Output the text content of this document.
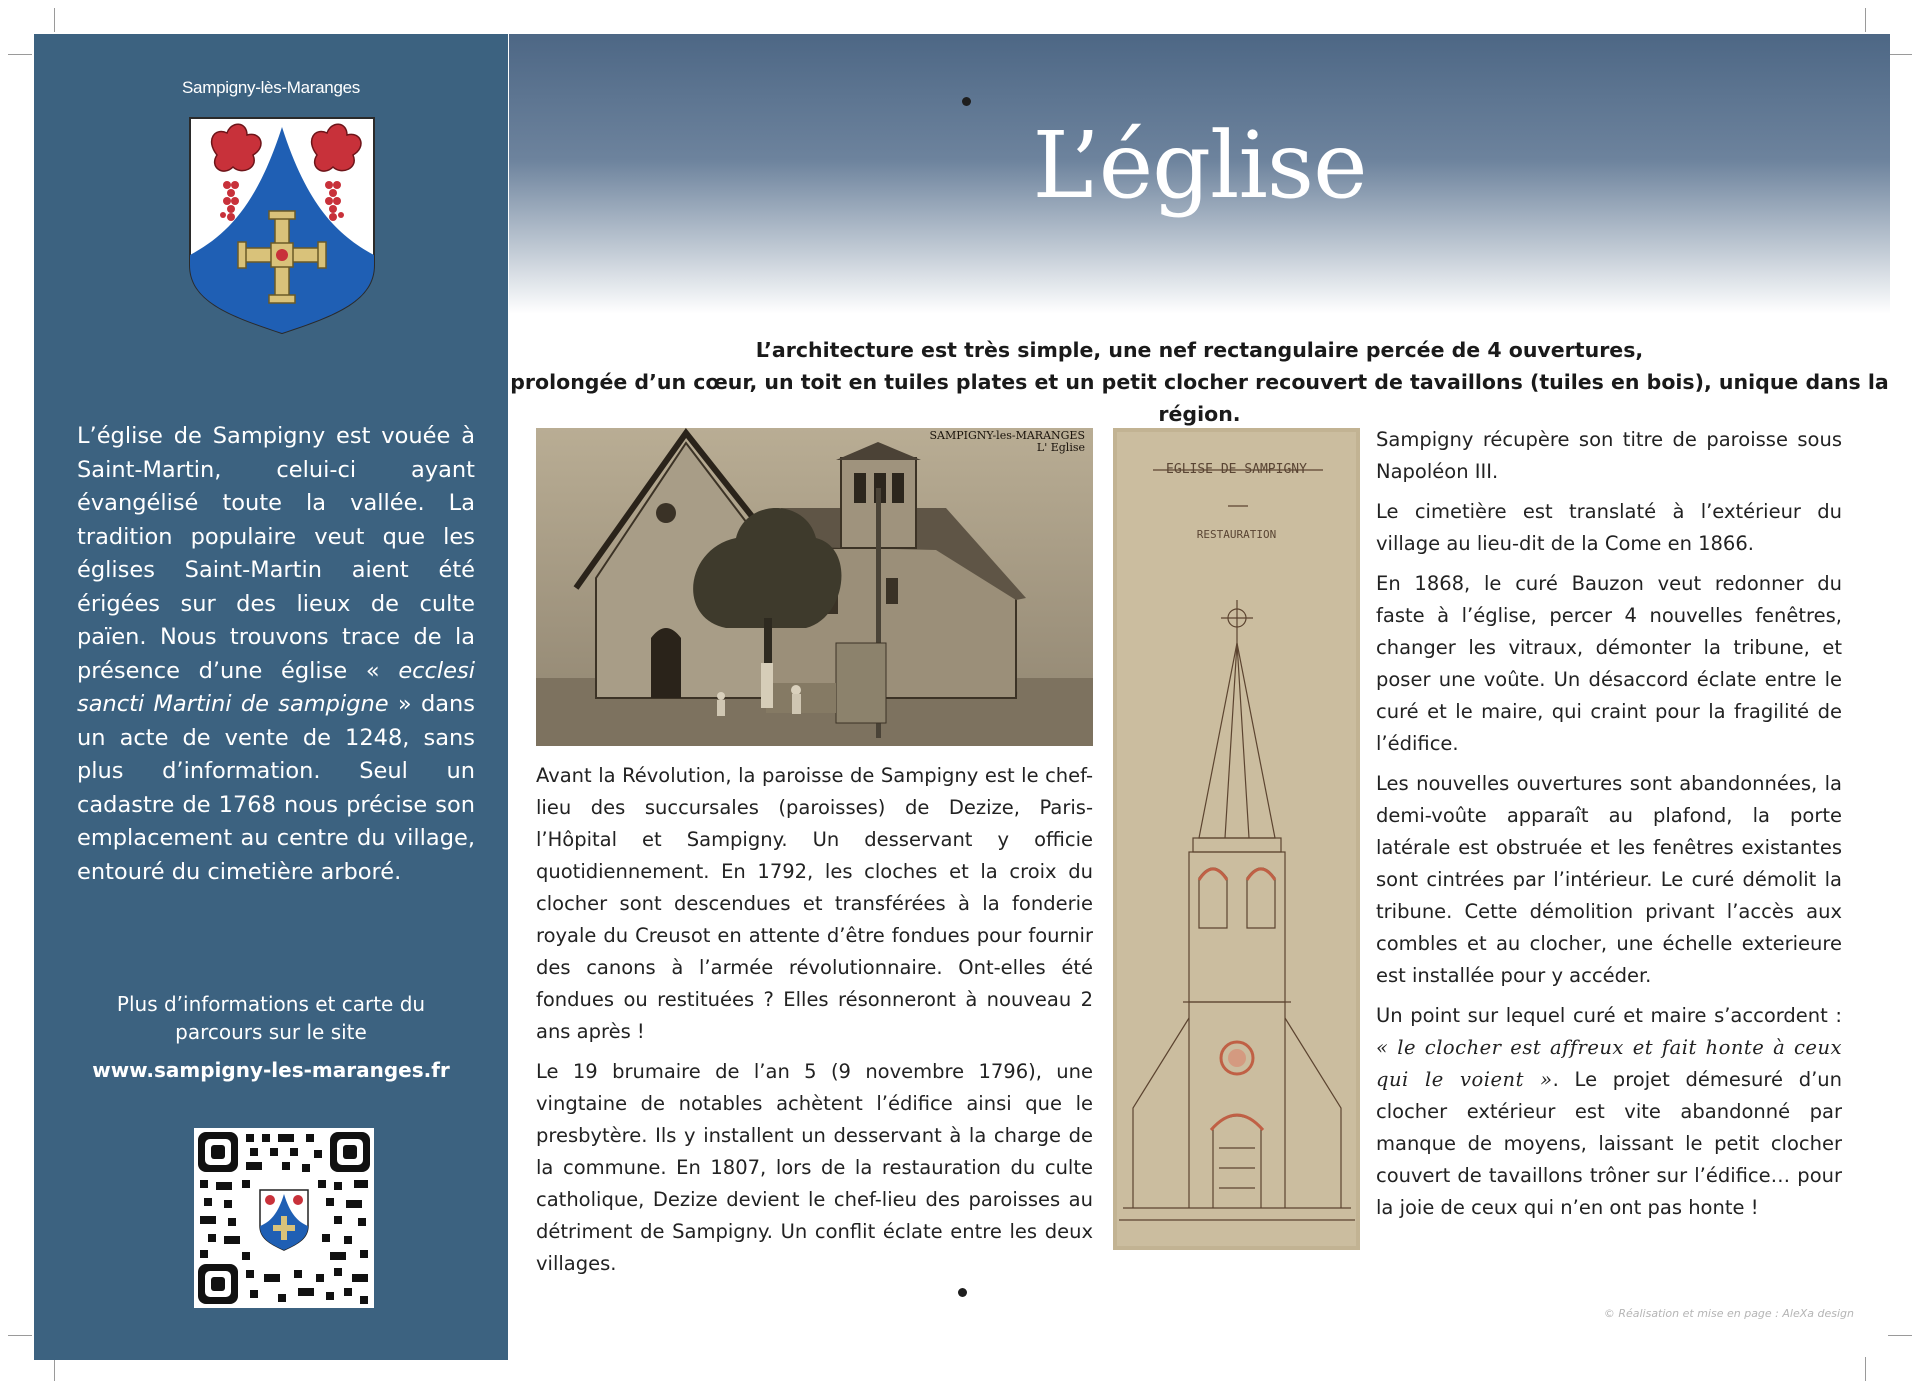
Sampigny-lès-Maranges

L’église de Sampigny est vouée à Saint-Martin, celui-ci ayant évangélisé toute la vallée. La tradition populaire veut que les églises Saint-Martin aient été érigées sur des lieux de culte païen. Nous trouvons trace de la présence d’une église « ecclesi sancti Martini de sampigne » dans un acte de vente de 1248, sans plus d’information. Seul un cadastre de 1768 nous précise son emplacement au centre du village, entouré du cimetière arboré.

Plus d’informations et carte du
parcours sur le site
www.sampigny-les-maranges.fr
L’église
L’architecture est très simple, une nef rectangulaire percée de 4 ouvertures,
prolongée d’un cœur, un toit en tuiles plates et un petit clocher recouvert de tavaillons (tuiles en bois), unique dans la région.
SAMPIGNY-les-MARANGES
L' Eglise
EGLISE DE SAMPIGNY
RESTAURATION

Avant la Révolution, la paroisse de Sampigny est le chef-lieu des succursales (paroisses) de Dezize, Paris-l’Hôpital et Sampigny. Un desservant y officie quotidiennement. En 1792, les cloches et la croix du clocher sont descendues et transférées à la fonderie royale du Creusot en attente d’être fondues pour fournir des canons à l’armée révolutionnaire. Ont-elles été fondues ou restituées ? Elles résonneront à nouveau 2 ans après !

Le 19 brumaire de l’an 5 (9 novembre 1796), une vingtaine de notables achètent l’édifice ainsi que le presbytère. Ils y installent un desservant à la charge de la commune. En 1807, lors de la restauration du culte catholique, Dezize devient le chef-lieu des paroisses au détriment de Sampigny. Un conflit éclate entre les deux villages.

Sampigny récupère son titre de paroisse sous Napoléon III.

Le cimetière est translaté à l’extérieur du village au lieu-dit de la Come en 1866.

En 1868, le curé Bauzon veut redonner du faste à l’église, percer 4 nouvelles fenêtres, changer les vitraux, démonter la tribune, et poser une voûte. Un désaccord éclate entre le curé et le maire, qui craint pour la fragilité de l’édifice.

Les nouvelles ouvertures sont abandonnées, la demi-voûte apparaît au plafond, la porte latérale est obstruée et les fenêtres existantes sont cintrées par l’intérieur. Le curé démolit la tribune. Cette démolition privant l’accès aux combles et au clocher, une échelle exterieure est installée pour y accéder.

Un point sur lequel curé et maire s’accordent : « le clocher est affreux et fait honte à ceux qui le voient ». Le projet démesuré d’un clocher extérieur est vite abandonné par manque de moyens, laissant le petit clocher couvert de tavaillons trôner sur l’édifice… pour la joie de ceux qui n’en ont pas honte !

© Réalisation et mise en page : AleXa design
